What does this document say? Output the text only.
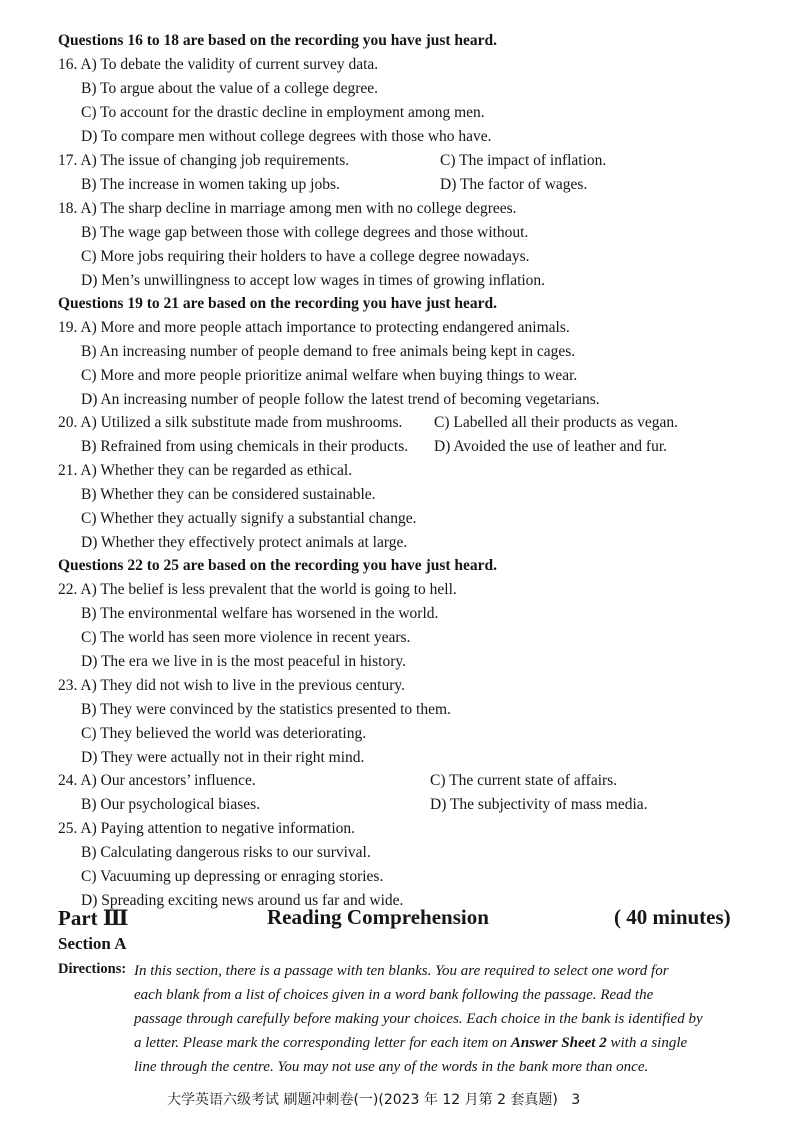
Questions 16 to 18 are based on the recording you have just heard.
16. A) To debate the validity of current survey data.
B) To argue about the value of a college degree.
C) To account for the drastic decline in employment among men.
D) To compare men without college degrees with those who have.
17. A) The issue of changing job requirements.	C) The impact of inflation.
B) The increase in women taking up jobs.	D) The factor of wages.
18. A) The sharp decline in marriage among men with no college degrees.
B) The wage gap between those with college degrees and those without.
C) More jobs requiring their holders to have a college degree nowadays.
D) Men’s unwillingness to accept low wages in times of growing inflation.
Questions 19 to 21 are based on the recording you have just heard.
19. A) More and more people attach importance to protecting endangered animals.
B) An increasing number of people demand to free animals being kept in cages.
C) More and more people prioritize animal welfare when buying things to wear.
D) An increasing number of people follow the latest trend of becoming vegetarians.
20. A) Utilized a silk substitute made from mushrooms. C) Labelled all their products as vegan.
B) Refrained from using chemicals in their products. D) Avoided the use of leather and fur.
21. A) Whether they can be regarded as ethical.
B) Whether they can be considered sustainable.
C) Whether they actually signify a substantial change.
D) Whether they effectively protect animals at large.
Questions 22 to 25 are based on the recording you have just heard.
22. A) The belief is less prevalent that the world is going to hell.
B) The environmental welfare has worsened in the world.
C) The world has seen more violence in recent years.
D) The era we live in is the most peaceful in history.
23. A) They did not wish to live in the previous century.
B) They were convinced by the statistics presented to them.
C) They believed the world was deteriorating.
D) They were actually not in their right mind.
24. A) Our ancestors’ influence.	C) The current state of affairs.
B) Our psychological biases.	D) The subjectivity of mass media.
25. A) Paying attention to negative information.
B) Calculating dangerous risks to our survival.
C) Vacuuming up depressing or enraging stories.
D) Spreading exciting news around us far and wide.
Part Ⅲ	Reading Comprehension	( 40 minutes)
Section A
Directions: In this section, there is a passage with ten blanks. You are required to select one word for
each blank from a list of choices given in a word bank following the passage. Read the
passage through carefully before making your choices. Each choice in the bank is identified by
a letter. Please mark the corresponding letter for each item on Answer Sheet 2 with a single
line through the centre. You may not use any of the words in the bank more than once.
大学英语六级考试 刷题冲刺卷(一)(2023 年 12 月第 2 套真题) 3
